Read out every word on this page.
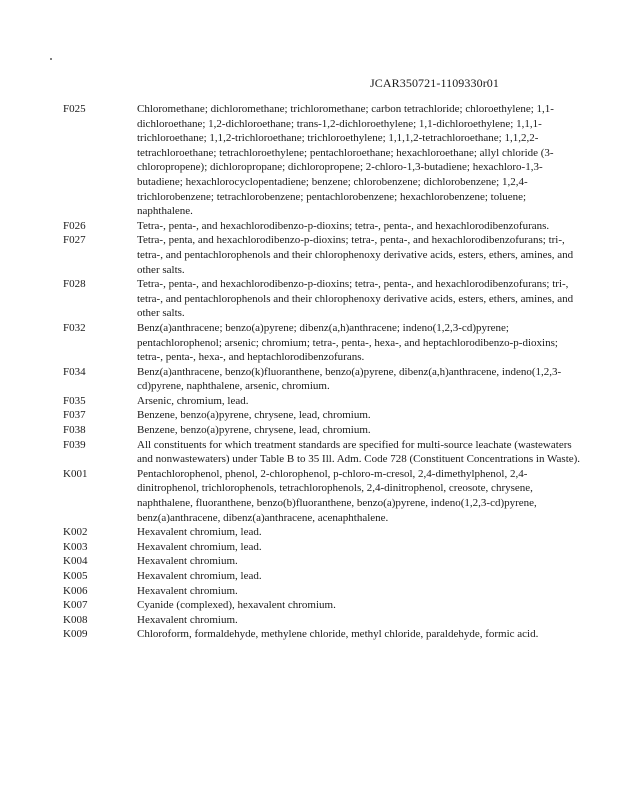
JCAR350721-1109330r01
F025	Chloromethane; dichloromethane; trichloromethane; carbon tetrachloride; chloroethylene; 1,1-dichloroethane; 1,2-dichloroethane; trans-1,2-dichloroethylene; 1,1-dichloroethylene; 1,1,1-trichloroethane; 1,1,2-trichloroethane; trichloroethylene; 1,1,1,2-tetrachloroethane; 1,1,2,2-tetrachloroethane; tetrachloroethylene; pentachloroethane; hexachloroethane; allyl chloride (3-chloropropene); dichloropropane; dichloropropene; 2-chloro-1,3-butadiene; hexachloro-1,3-butadiene; hexachlorocyclopentadiene; benzene; chlorobenzene; dichlorobenzene; 1,2,4-trichlorobenzene; tetrachlorobenzene; pentachlorobenzene; hexachlorobenzene; toluene; naphthalene.
F026	Tetra-, penta-, and hexachlorodibenzo-p-dioxins; tetra-, penta-, and hexachlorodibenzofurans.
F027	Tetra-, penta, and hexachlorodibenzo-p-dioxins; tetra-, penta-, and hexachlorodibenzofurans; tri-, tetra-, and pentachlorophenols and their chlorophenoxy derivative acids, esters, ethers, amines, and other salts.
F028	Tetra-, penta-, and hexachlorodibenzo-p-dioxins; tetra-, penta-, and hexachlorodibenzofurans; tri-, tetra-, and pentachlorophenols and their chlorophenoxy derivative acids, esters, ethers, amines, and other salts.
F032	Benz(a)anthracene; benzo(a)pyrene; dibenz(a,h)anthracene; indeno(1,2,3-cd)pyrene; pentachlorophenol; arsenic; chromium; tetra-, penta-, hexa-, and heptachlorodibenzo-p-dioxins; tetra-, penta-, hexa-, and heptachlorodibenzofurans.
F034	Benz(a)anthracene, benzo(k)fluoranthene, benzo(a)pyrene, dibenz(a,h)anthracene, indeno(1,2,3-cd)pyrene, naphthalene, arsenic, chromium.
F035	Arsenic, chromium, lead.
F037	Benzene, benzo(a)pyrene, chrysene, lead, chromium.
F038	Benzene, benzo(a)pyrene, chrysene, lead, chromium.
F039	All constituents for which treatment standards are specified for multi-source leachate (wastewaters and nonwastewaters) under Table B to 35 Ill. Adm. Code 728 (Constituent Concentrations in Waste).
K001	Pentachlorophenol, phenol, 2-chlorophenol, p-chloro-m-cresol, 2,4-dimethylphenol, 2,4-dinitrophenol, trichlorophenols, tetrachlorophenols, 2,4-dinitrophenol, creosote, chrysene, naphthalene, fluoranthene, benzo(b)fluoranthene, benzo(a)pyrene, indeno(1,2,3-cd)pyrene, benz(a)anthracene, dibenz(a)anthracene, acenaphthalene.
K002	Hexavalent chromium, lead.
K003	Hexavalent chromium, lead.
K004	Hexavalent chromium.
K005	Hexavalent chromium, lead.
K006	Hexavalent chromium.
K007	Cyanide (complexed), hexavalent chromium.
K008	Hexavalent chromium.
K009	Chloroform, formaldehyde, methylene chloride, methyl chloride, paraldehyde, formic acid.
